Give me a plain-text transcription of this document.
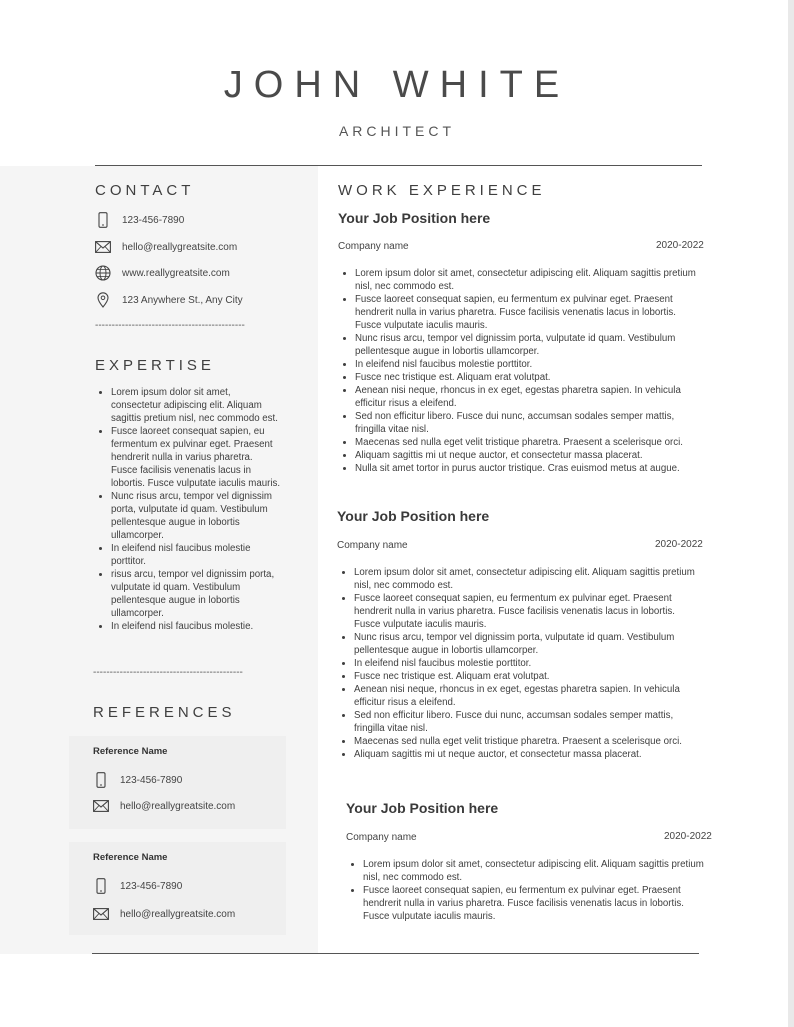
JOHN WHITE
ARCHITECT
CONTACT
123-456-7890
hello@reallygreatsite.com
www.reallygreatsite.com
123 Anywhere St., Any City
---------------------------------------------
EXPERTISE
• Lorem ipsum dolor sit amet, consectetur adipiscing elit. Aliquam sagittis pretium nisl, nec commodo est.
• Fusce laoreet consequat sapien, eu fermentum ex pulvinar eget. Praesent hendrerit nulla in varius pharetra. Fusce facilisis venenatis lacus in lobortis. Fusce vulputate iaculis mauris.
• Nunc risus arcu, tempor vel dignissim porta, vulputate id quam. Vestibulum pellentesque augue in lobortis ullamcorper.
• In eleifend nisl faucibus molestie porttitor.
• risus arcu, tempor vel dignissim porta, vulputate id quam. Vestibulum pellentesque augue in lobortis ullamcorper.
• In eleifend nisl faucibus molestie.
---------------------------------------------
REFERENCES
Reference Name
123-456-7890
hello@reallygreatsite.com
Reference Name
123-456-7890
hello@reallygreatsite.com
WORK EXPERIENCE
Your Job Position here
Company name	2020-2022
• Lorem ipsum dolor sit amet, consectetur adipiscing elit. Aliquam sagittis pretium nisl, nec commodo est.
• Fusce laoreet consequat sapien, eu fermentum ex pulvinar eget. Praesent hendrerit nulla in varius pharetra. Fusce facilisis venenatis lacus in lobortis. Fusce vulputate iaculis mauris.
• Nunc risus arcu, tempor vel dignissim porta, vulputate id quam. Vestibulum pellentesque augue in lobortis ullamcorper.
• In eleifend nisl faucibus molestie porttitor.
• Fusce nec tristique est. Aliquam erat volutpat.
• Aenean nisi neque, rhoncus in ex eget, egestas pharetra sapien. In vehicula efficitur risus a eleifend.
• Sed non efficitur libero. Fusce dui nunc, accumsan sodales semper mattis, fringilla vitae nisl.
• Maecenas sed nulla eget velit tristique pharetra. Praesent a scelerisque orci.
• Aliquam sagittis mi ut neque auctor, et consectetur massa placerat.
• Nulla sit amet tortor in purus auctor tristique. Cras euismod metus at augue.
Your Job Position here
Company name	2020-2022
• Lorem ipsum dolor sit amet, consectetur adipiscing elit. Aliquam sagittis pretium nisl, nec commodo est.
• Fusce laoreet consequat sapien, eu fermentum ex pulvinar eget. Praesent hendrerit nulla in varius pharetra. Fusce facilisis venenatis lacus in lobortis. Fusce vulputate iaculis mauris.
• Nunc risus arcu, tempor vel dignissim porta, vulputate id quam. Vestibulum pellentesque augue in lobortis ullamcorper.
• In eleifend nisl faucibus molestie porttitor.
• Fusce nec tristique est. Aliquam erat volutpat.
• Aenean nisi neque, rhoncus in ex eget, egestas pharetra sapien. In vehicula efficitur risus a eleifend.
• Sed non efficitur libero. Fusce dui nunc, accumsan sodales semper mattis, fringilla vitae nisl.
• Maecenas sed nulla eget velit tristique pharetra. Praesent a scelerisque orci.
• Aliquam sagittis mi ut neque auctor, et consectetur massa placerat.
Your Job Position here
Company name	2020-2022
• Lorem ipsum dolor sit amet, consectetur adipiscing elit. Aliquam sagittis pretium nisl, nec commodo est.
• Fusce laoreet consequat sapien, eu fermentum ex pulvinar eget. Praesent hendrerit nulla in varius pharetra. Fusce facilisis venenatis lacus in lobortis. Fusce vulputate iaculis mauris.
